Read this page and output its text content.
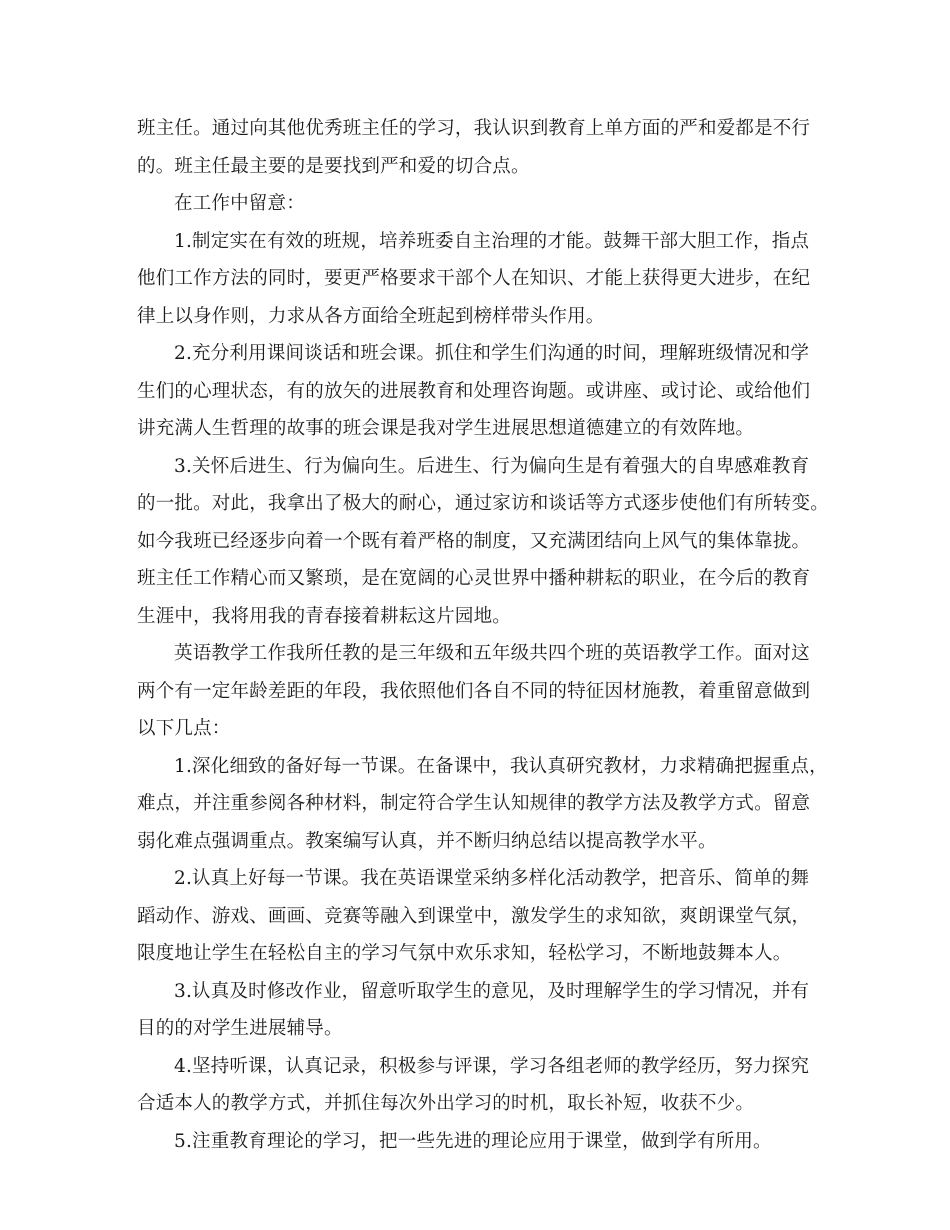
班主任。通过向其他优秀班主任的学习，我认识到教育上单方面的严和爱都是不行
的。班主任最主要的是要找到严和爱的切合点。
在工作中留意：
1.制定实在有效的班规，培养班委自主治理的才能。鼓舞干部大胆工作，指点
他们工作方法的同时，要更严格要求干部个人在知识、才能上获得更大进步，在纪
律上以身作则，力求从各方面给全班起到榜样带头作用。
2.充分利用课间谈话和班会课。抓住和学生们沟通的时间，理解班级情况和学
生们的心理状态，有的放矢的进展教育和处理咨询题。或讲座、或讨论、或给他们
讲充满人生哲理的故事的班会课是我对学生进展思想道德建立的有效阵地。
3.关怀后进生、行为偏向生。后进生、行为偏向生是有着强大的自卑感难教育
的一批。对此，我拿出了极大的耐心，通过家访和谈话等方式逐步使他们有所转变。
如今我班已经逐步向着一个既有着严格的制度，又充满团结向上风气的集体靠拢。
班主任工作精心而又繁琐，是在宽阔的心灵世界中播种耕耘的职业，在今后的教育
生涯中，我将用我的青春接着耕耘这片园地。
英语教学工作我所任教的是三年级和五年级共四个班的英语教学工作。面对这
两个有一定年龄差距的年段，我依照他们各自不同的特征因材施教，着重留意做到
以下几点：
1.深化细致的备好每一节课。在备课中，我认真研究教材，力求精确把握重点，
难点，并注重参阅各种材料，制定符合学生认知规律的教学方法及教学方式。留意
弱化难点强调重点。教案编写认真，并不断归纳总结以提高教学水平。
2.认真上好每一节课。我在英语课堂采纳多样化活动教学，把音乐、简单的舞
蹈动作、游戏、画画、竞赛等融入到课堂中，激发学生的求知欲，爽朗课堂气氛，
限度地让学生在轻松自主的学习气氛中欢乐求知，轻松学习，不断地鼓舞本人。
3.认真及时修改作业，留意听取学生的意见，及时理解学生的学习情况，并有
目的的对学生进展辅导。
4.坚持听课，认真记录，积极参与评课，学习各组老师的教学经历，努力探究
合适本人的教学方式，并抓住每次外出学习的时机，取长补短，收获不少。
5.注重教育理论的学习，把一些先进的理论应用于课堂，做到学有所用。
